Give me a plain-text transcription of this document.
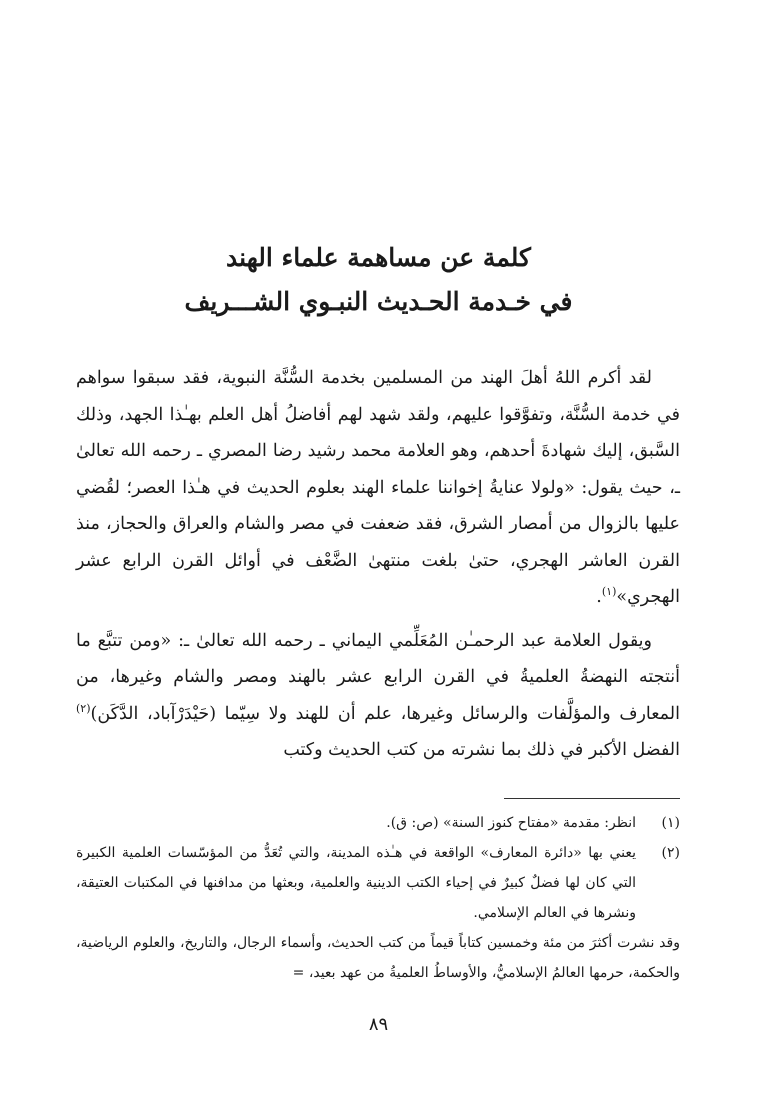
كلمة عن مساهمة علماء الهند

في خـدمة الحـديث النبـوي الشـــريف

لقد أكرم اللهُ أهلَ الهند من المسلمين بخدمة السُّنَّة النبوية، فقد سبقوا سواهم في خدمة السُّنَّة، وتفوَّقوا عليهم، ولقد شهد لهم أفاضلُ أهل العلم بهـٰذا الجهد، وذلك السَّبق، إليك شهادةَ أحدهم، وهو العلامة محمد رشيد رضا المصري ـ رحمه الله تعالىٰ ـ، حيث يقول: «ولولا عنايةُ إخواننا علماء الهند بعلوم الحديث في هـٰذا العصر؛ لقُضي عليها بالزوال من أمصار الشرق، فقد ضعفت في مصر والشام والعراق والحجاز، منذ القرن العاشر الهجري، حتىٰ بلغت منتهىٰ الضَّعْف في أوائل القرن الرابع عشر الهجري»$^{(١)}$.

ويقول العلامة عبد الرحمـٰن المُعَلِّمي اليماني ـ رحمه الله تعالىٰ ـ: «ومن تتبَّع ما أنتجته النهضةُ العلميةُ في القرن الرابع عشر بالهند ومصر والشام وغيرها، من المعارف والمؤلَّفات والرسائل وغيرها، علم أن للهند ولا سِيّما (حَيْدَرْآباد، الدَّكَن)$^{(٢)}$ الفضل الأكبر في ذلك بما نشرته من كتب الحديث وكتب

(١)
انظر: مقدمة «مفتاح كنوز السنة» (ص: ق).
(٢)
يعني بها «دائرة المعارف» الواقعة في هـٰذه المدينة، والتي تُعَدُّ من المؤسّسات العلمية الكبيرة التي كان لها فضلٌ كبيرٌ في إحياء الكتب الدينية والعلمية، وبعثها من مدافنها في المكتبات العتيقة، ونشرها في العالم الإسلامي.

وقد نشرت أكثرَ من مئة وخمسين كتاباً قيماً من كتب الحديث، وأسماء الرجال، والتاريخ، والعلوم الرياضية، والحكمة، حرمها العالمُ الإسلاميُّ، والأوساطُ العلميةُ من عهد بعيد، =

٨٩
